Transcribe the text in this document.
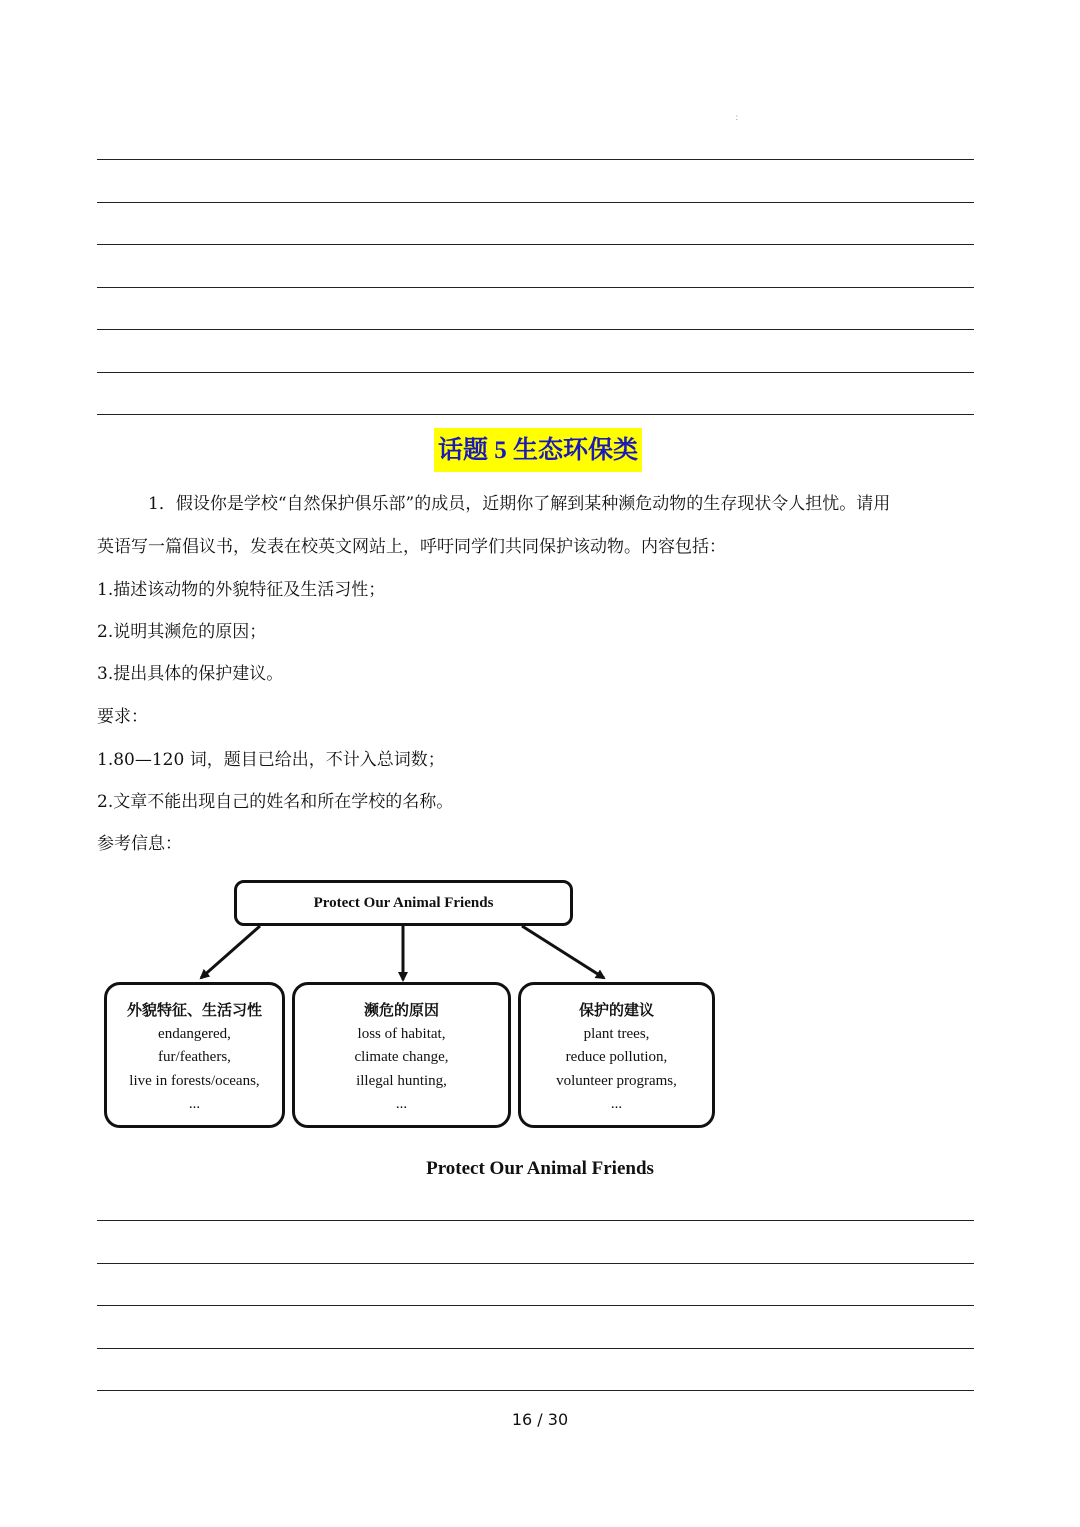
：
话题 5 生态环保类
1．假设你是学校“自然保护俱乐部”的成员，近期你了解到某种濒危动物的生存现状令人担忧。请用
英语写一篇倡议书，发表在校英文网站上，呼吁同学们共同保护该动物。内容包括：
1.描述该动物的外貌特征及生活习性；
2.说明其濒危的原因；
3.提出具体的保护建议。
要求：
1.80—120 词，题目已给出，不计入总词数；
2.文章不能出现自己的姓名和所在学校的名称。
参考信息：
Protect Our Animal Friends
外貌特征、生活习性
endangered,
fur/feathers,
live in forests/oceans,
...
濒危的原因
loss of habitat,
climate change,
illegal hunting,
...
保护的建议
plant trees,
reduce pollution,
volunteer programs,
...
Protect Our Animal Friends
16 / 30
